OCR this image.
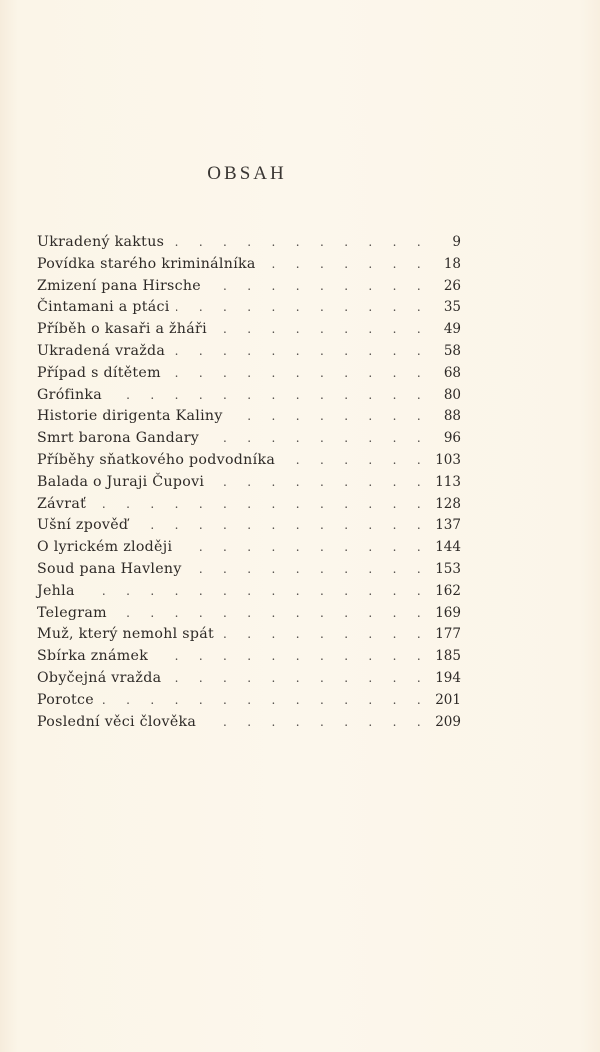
OBSAH
Ukradený kaktus . . .	9
Povídka starého kriminálníka . . .	18
Zmizení pana Hirsche . . .	26
Čintamani a ptáci . . .	35
Příběh o kasaři a žháři . . .	49
Ukradená vražda . . .	58
Případ s dítětem . . .	68
Grófinka . . .	80
Historie dirigenta Kaliny . . .	88
Smrt barona Gandary . . .	96
Příběhy sňatkového podvodníka . . .	103
Balada o Juraji Čupovi . . .	113
Závrať . . .	128
Ušní zpověď . . .	137
O lyrickém zloději . . .	144
Soud pana Havleny . . .	153
Jehla . . .	162
Telegram . . .	169
Muž, který nemohl spát . . .	177
Sbírka známek . . .	185
Obyčejná vražda . . .	194
Porotce . . .	201
Poslední věci člověka . . .	209
